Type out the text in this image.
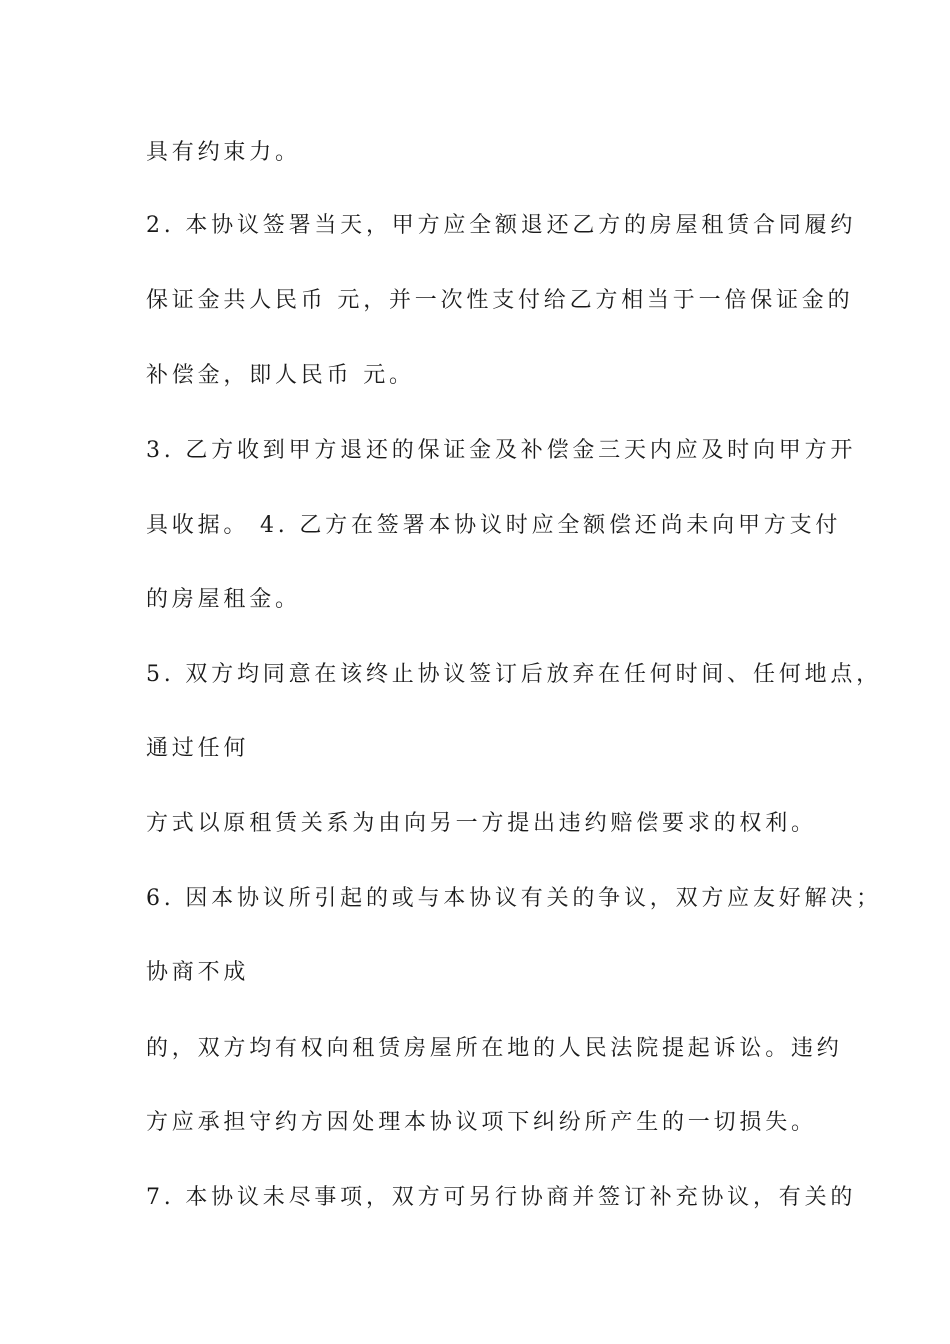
具有约束力。
2. 本协议签署当天，甲方应全额退还乙方的房屋租赁合同履约
保证金共人民币 元，并一次性支付给乙方相当于一倍保证金的
补偿金，即人民币 元。
3. 乙方收到甲方退还的保证金及补偿金三天内应及时向甲方开
具收据。 4. 乙方在签署本协议时应全额偿还尚未向甲方支付
的房屋租金。
5. 双方均同意在该终止协议签订后放弃在任何时间、任何地点，
通过任何
方式以原租赁关系为由向另一方提出违约赔偿要求的权利。
6. 因本协议所引起的或与本协议有关的争议，双方应友好解决；
协商不成
的，双方均有权向租赁房屋所在地的人民法院提起诉讼。违约
方应承担守约方因处理本协议项下纠纷所产生的一切损失。
7. 本协议未尽事项，双方可另行协商并签订补充协议，有关的
